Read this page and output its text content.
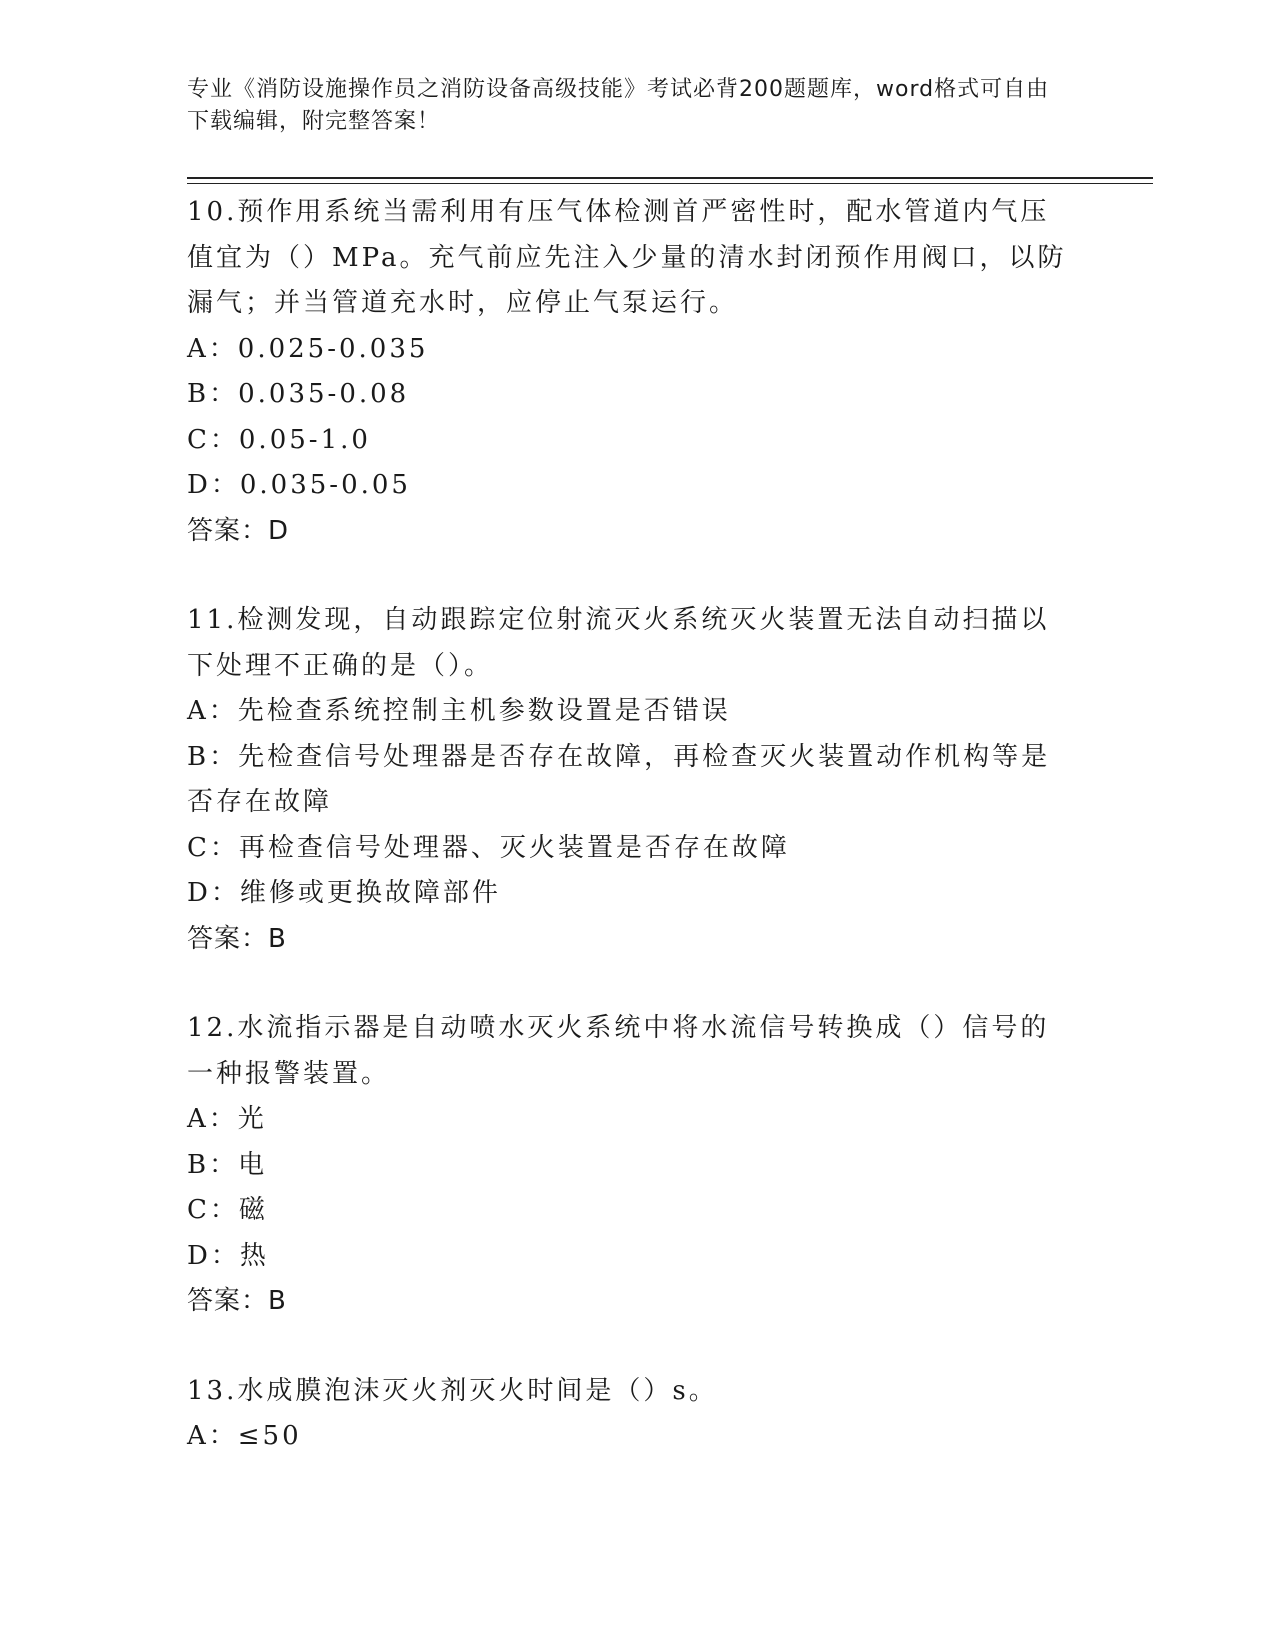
专业《消防设施操作员之消防设备高级技能》考试必背200题题库，word格式可自由下载编辑，附完整答案！
10.预作用系统当需利用有压气体检测首严密性时，配水管道内气压值宜为（）MPa。充气前应先注入少量的清水封闭预作用阀口，以防漏气；并当管道充水时，应停止气泵运行。
A：0.025-0.035
B：0.035-0.08
C：0.05-1.0
D：0.035-0.05
答案：D
11.检测发现，自动跟踪定位射流灭火系统灭火装置无法自动扫描以下处理不正确的是（）。
A：先检查系统控制主机参数设置是否错误
B：先检查信号处理器是否存在故障，再检查灭火装置动作机构等是否存在故障
C：再检查信号处理器、灭火装置是否存在故障
D：维修或更换故障部件
答案：B
12.水流指示器是自动喷水灭火系统中将水流信号转换成（）信号的一种报警装置。
A：光
B：电
C：磁
D：热
答案：B
13.水成膜泡沫灭火剂灭火时间是（）s。
A：≤50
